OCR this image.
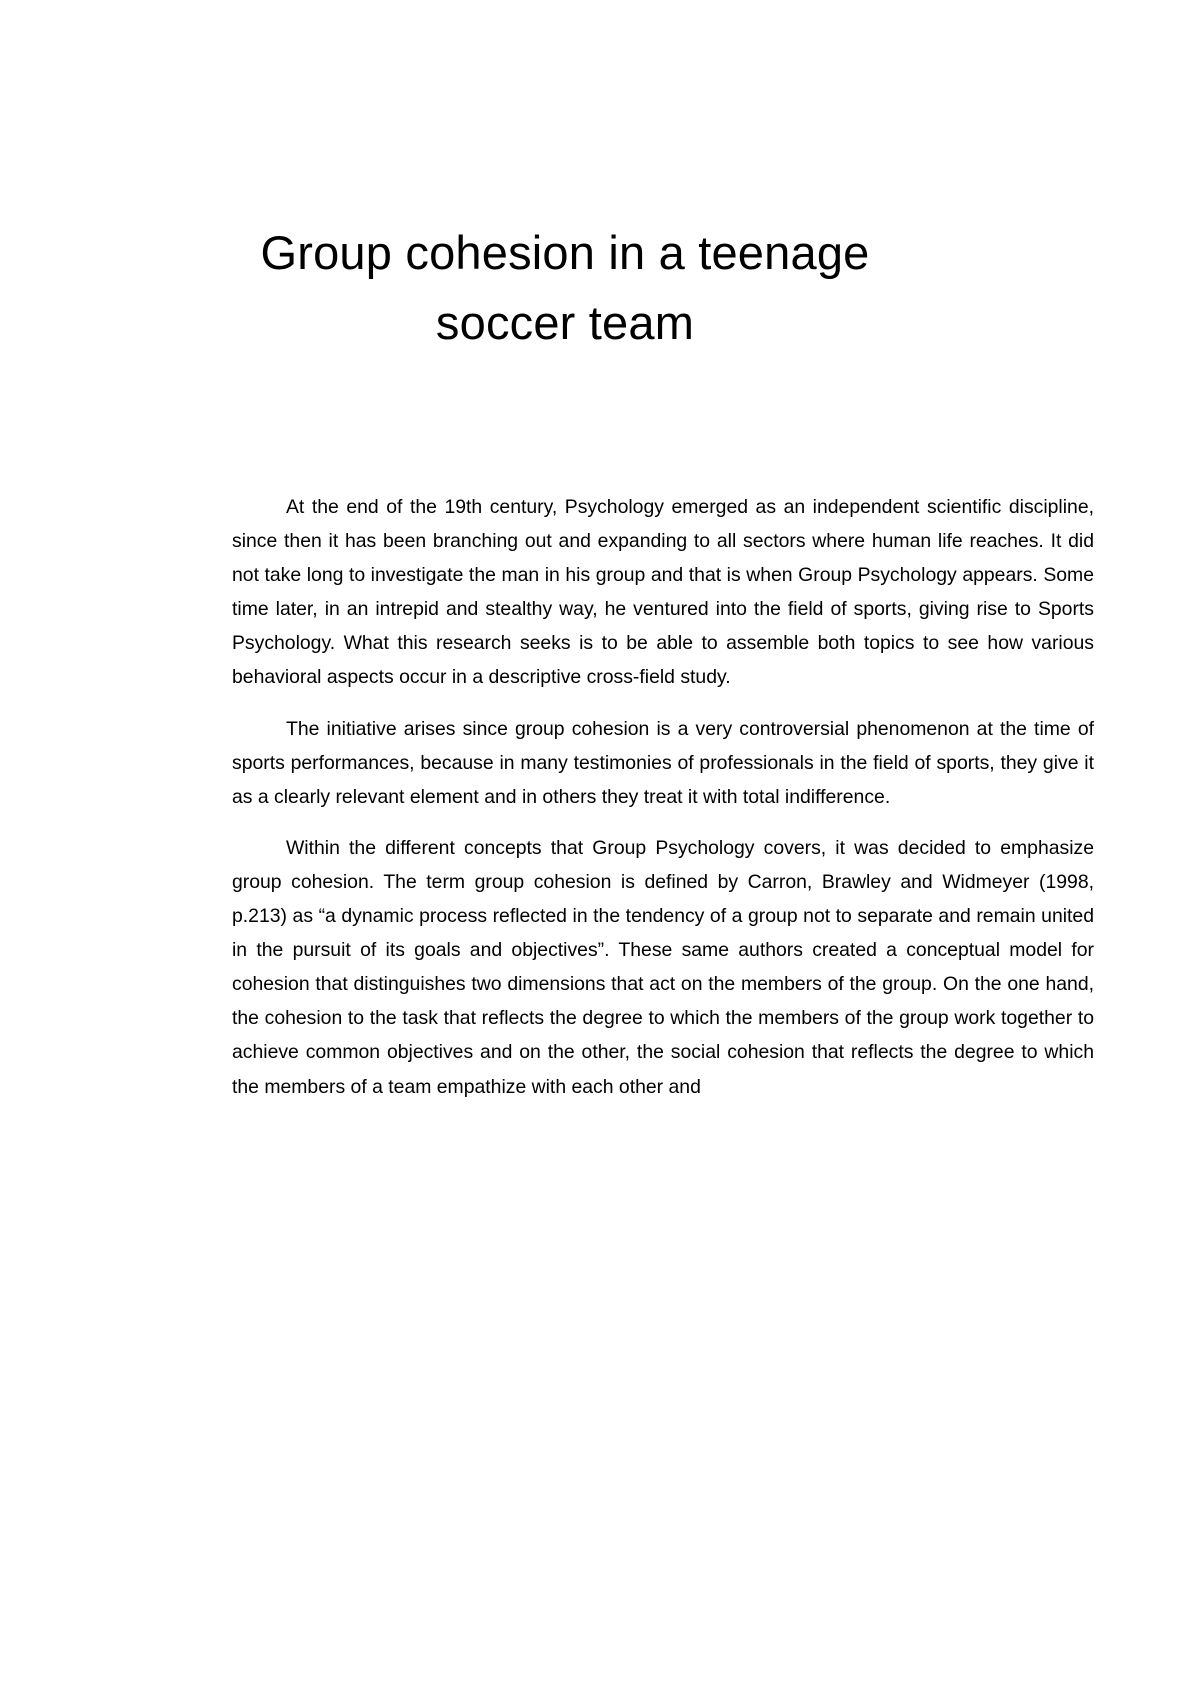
Group cohesion in a teenage soccer team

At the end of the 19th century, Psychology emerged as an independent scientific discipline, since then it has been branching out and expanding to all sectors where human life reaches. It did not take long to investigate the man in his group and that is when Group Psychology appears. Some time later, in an intrepid and stealthy way, he ventured into the field of sports, giving rise to Sports Psychology. What this research seeks is to be able to assemble both topics to see how various behavioral aspects occur in a descriptive cross-field study.

The initiative arises since group cohesion is a very controversial phenomenon at the time of sports performances, because in many testimonies of professionals in the field of sports, they give it as a clearly relevant element and in others they treat it with total indifference.

Within the different concepts that Group Psychology covers, it was decided to emphasize group cohesion. The term group cohesion is defined by Carron, Brawley and Widmeyer (1998, p.213) as “a dynamic process reflected in the tendency of a group not to separate and remain united in the pursuit of its goals and objectives”. These same authors created a conceptual model for cohesion that distinguishes two dimensions that act on the members of the group. On the one hand, the cohesion to the task that reflects the degree to which the members of the group work together to achieve common objectives and on the other, the social cohesion that reflects the degree to which the members of a team empathize with each other and
